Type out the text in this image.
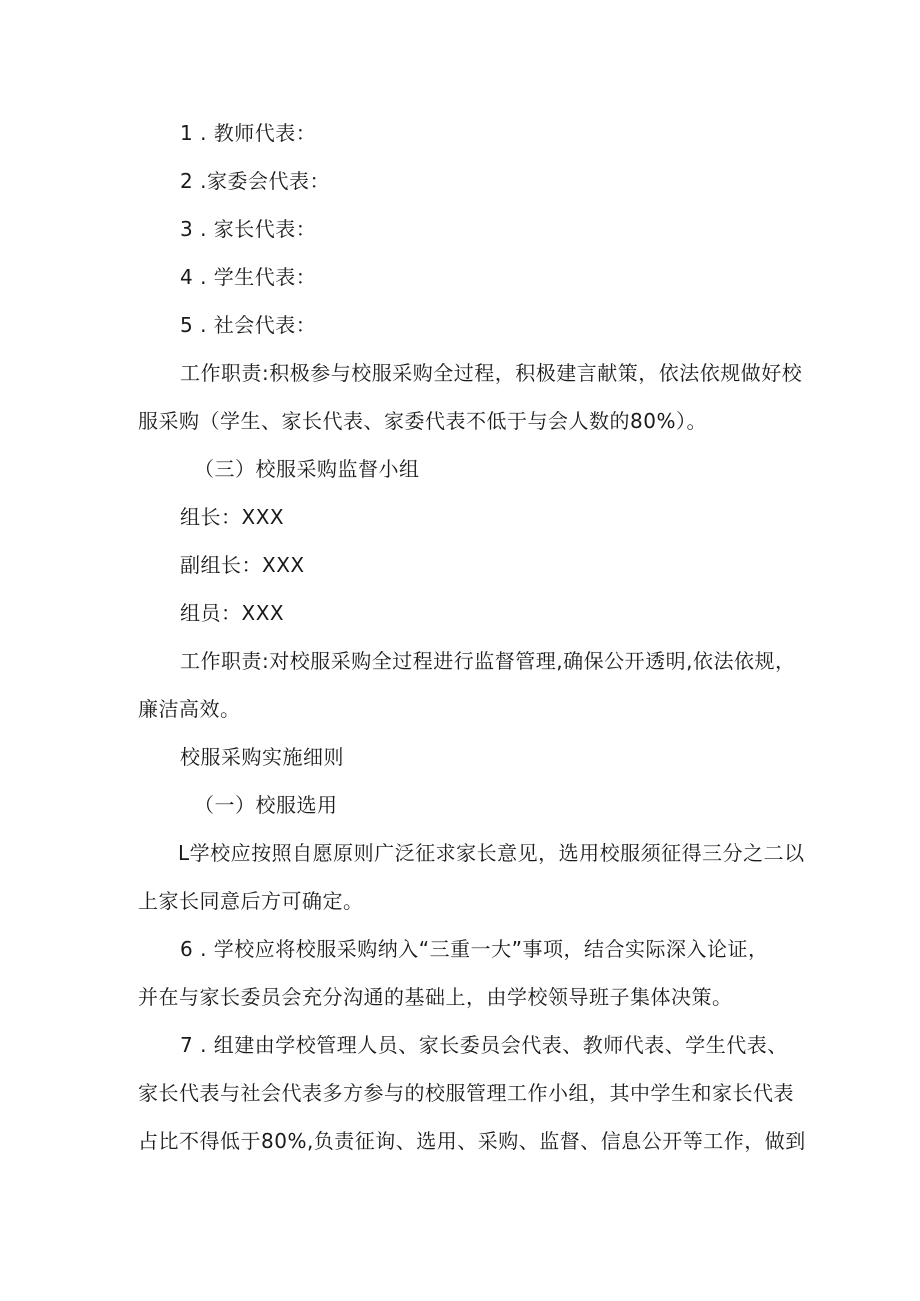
1 . 教师代表：
2 .家委会代表：
3 . 家长代表：
4 . 学生代表：
5 . 社会代表：
工作职责:积极参与校服采购全过程，积极建言献策，依法依规做好校
服采购（学生、家长代表、家委代表不低于与会人数的80%）。
（三）校服采购监督小组
组长：XXX
副组长：XXX
组员：XXX
工作职责:对校服采购全过程进行监督管理,确保公开透明,依法依规，
廉洁高效。
校服采购实施细则
（一）校服选用
L学校应按照自愿原则广泛征求家长意见，选用校服须征得三分之二以
上家长同意后方可确定。
6 . 学校应将校服采购纳入“三重一大”事项，结合实际深入论证，
并在与家长委员会充分沟通的基础上，由学校领导班子集体决策。
7 . 组建由学校管理人员、家长委员会代表、教师代表、学生代表、
家长代表与社会代表多方参与的校服管理工作小组，其中学生和家长代表
占比不得低于80%,负责征询、选用、采购、监督、信息公开等工作，做到
